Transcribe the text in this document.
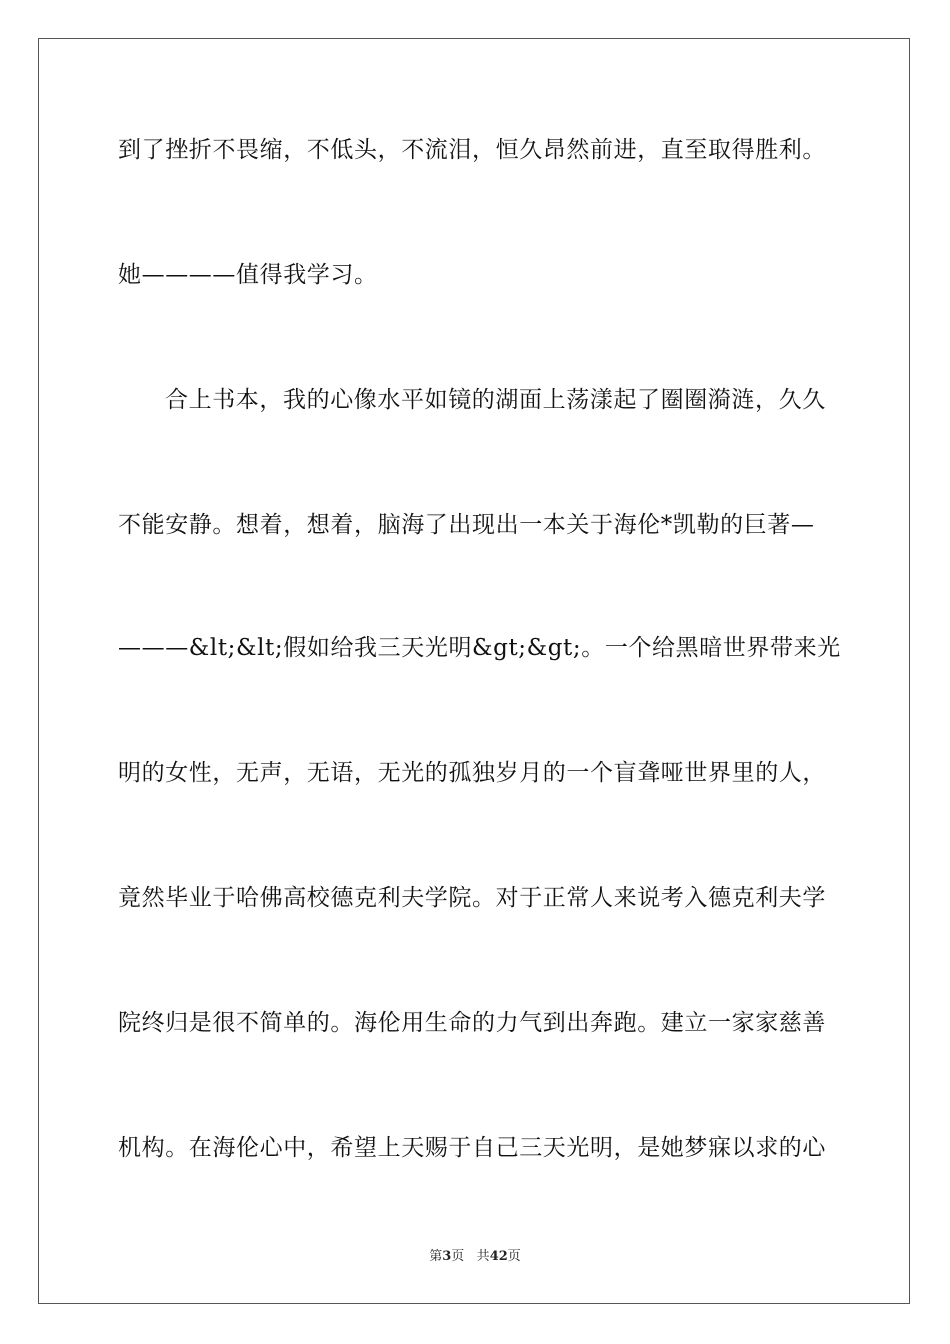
到了挫折不畏缩，不低头，不流泪，恒久昂然前进，直至取得胜利。
她————值得我学习。
合上书本，我的心像水平如镜的湖面上荡漾起了圈圈漪涟，久久
不能安静。想着，想着，脑海了出现出一本关于海伦*凯勒的巨著—
———&lt;&lt;假如给我三天光明&gt;&gt;。一个给黑暗世界带来光
明的女性，无声，无语，无光的孤独岁月的一个盲聋哑世界里的人，
竟然毕业于哈佛高校德克利夫学院。对于正常人来说考入德克利夫学
院终归是很不简单的。海伦用生命的力气到出奔跑。建立一家家慈善
机构。在海伦心中，希望上天赐于自己三天光明，是她梦寐以求的心
第3页 共42页
